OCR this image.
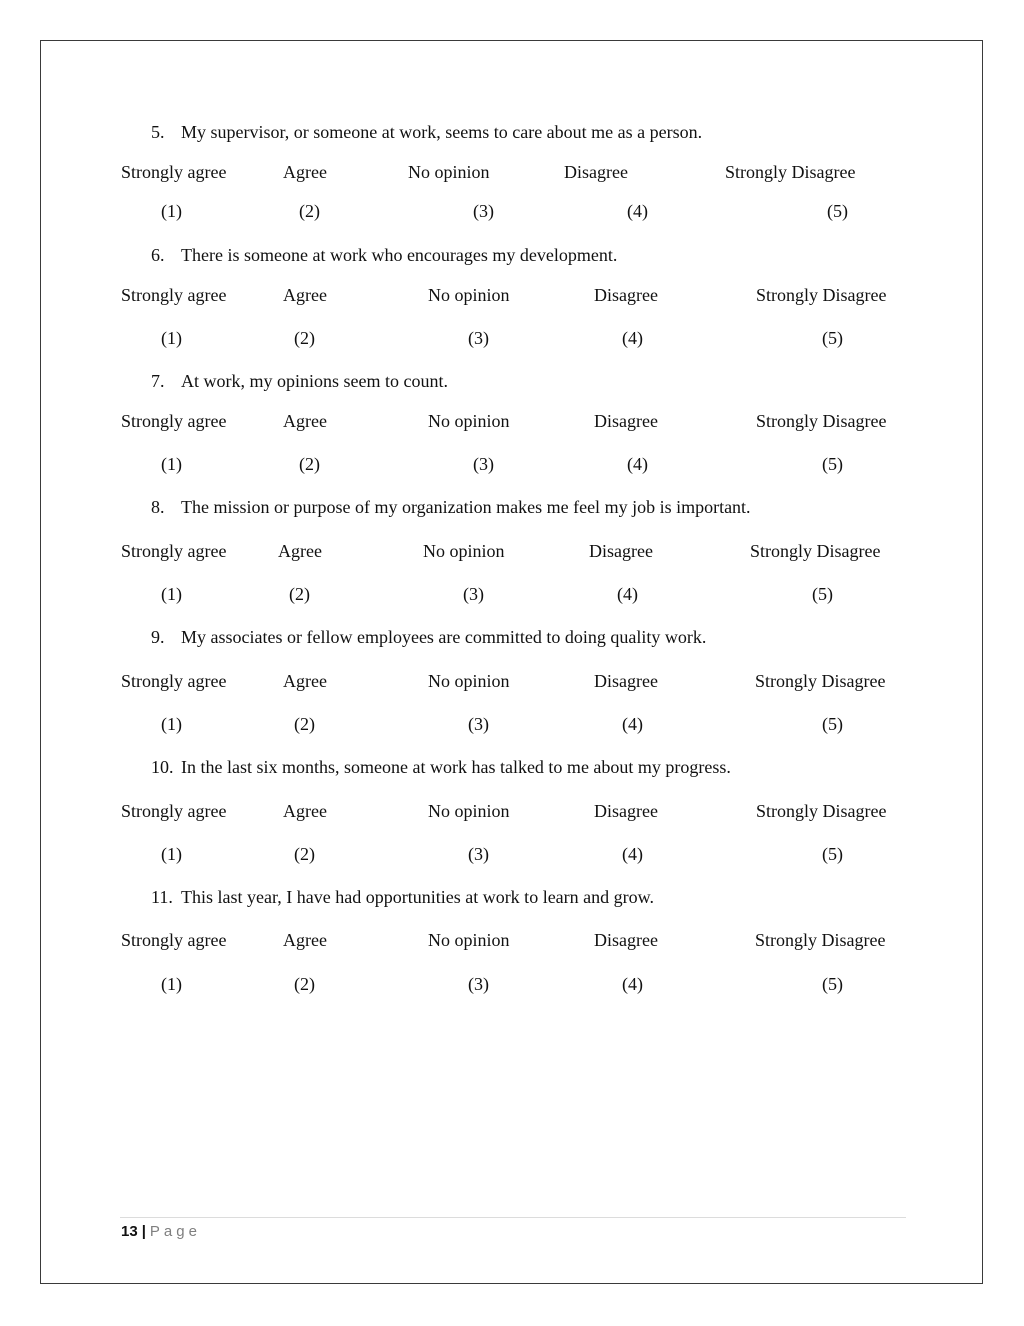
5. My supervisor, or someone at work, seems to care about me as a person.
Strongly agree	Agree	No opinion	Disagree	Strongly Disagree
(1)	(2)	(3)	(4)	(5)
6. There is someone at work who encourages my development.
Strongly agree	Agree	No opinion	Disagree	Strongly Disagree
(1)	(2)	(3)	(4)	(5)
7. At work, my opinions seem to count.
Strongly agree	Agree	No opinion	Disagree	Strongly Disagree
(1)	(2)	(3)	(4)	(5)
8. The mission or purpose of my organization makes me feel my job is important.
Strongly agree	Agree	No opinion	Disagree	Strongly Disagree
(1)	(2)	(3)	(4)	(5)
9. My associates or fellow employees are committed to doing quality work.
Strongly agree	Agree	No opinion	Disagree	Strongly Disagree
(1)	(2)	(3)	(4)	(5)
10. In the last six months, someone at work has talked to me about my progress.
Strongly agree	Agree	No opinion	Disagree	Strongly Disagree
(1)	(2)	(3)	(4)	(5)
11. This last year, I have had opportunities at work to learn and grow.
Strongly agree	Agree	No opinion	Disagree	Strongly Disagree
(1)	(2)	(3)	(4)	(5)
13 | Page
